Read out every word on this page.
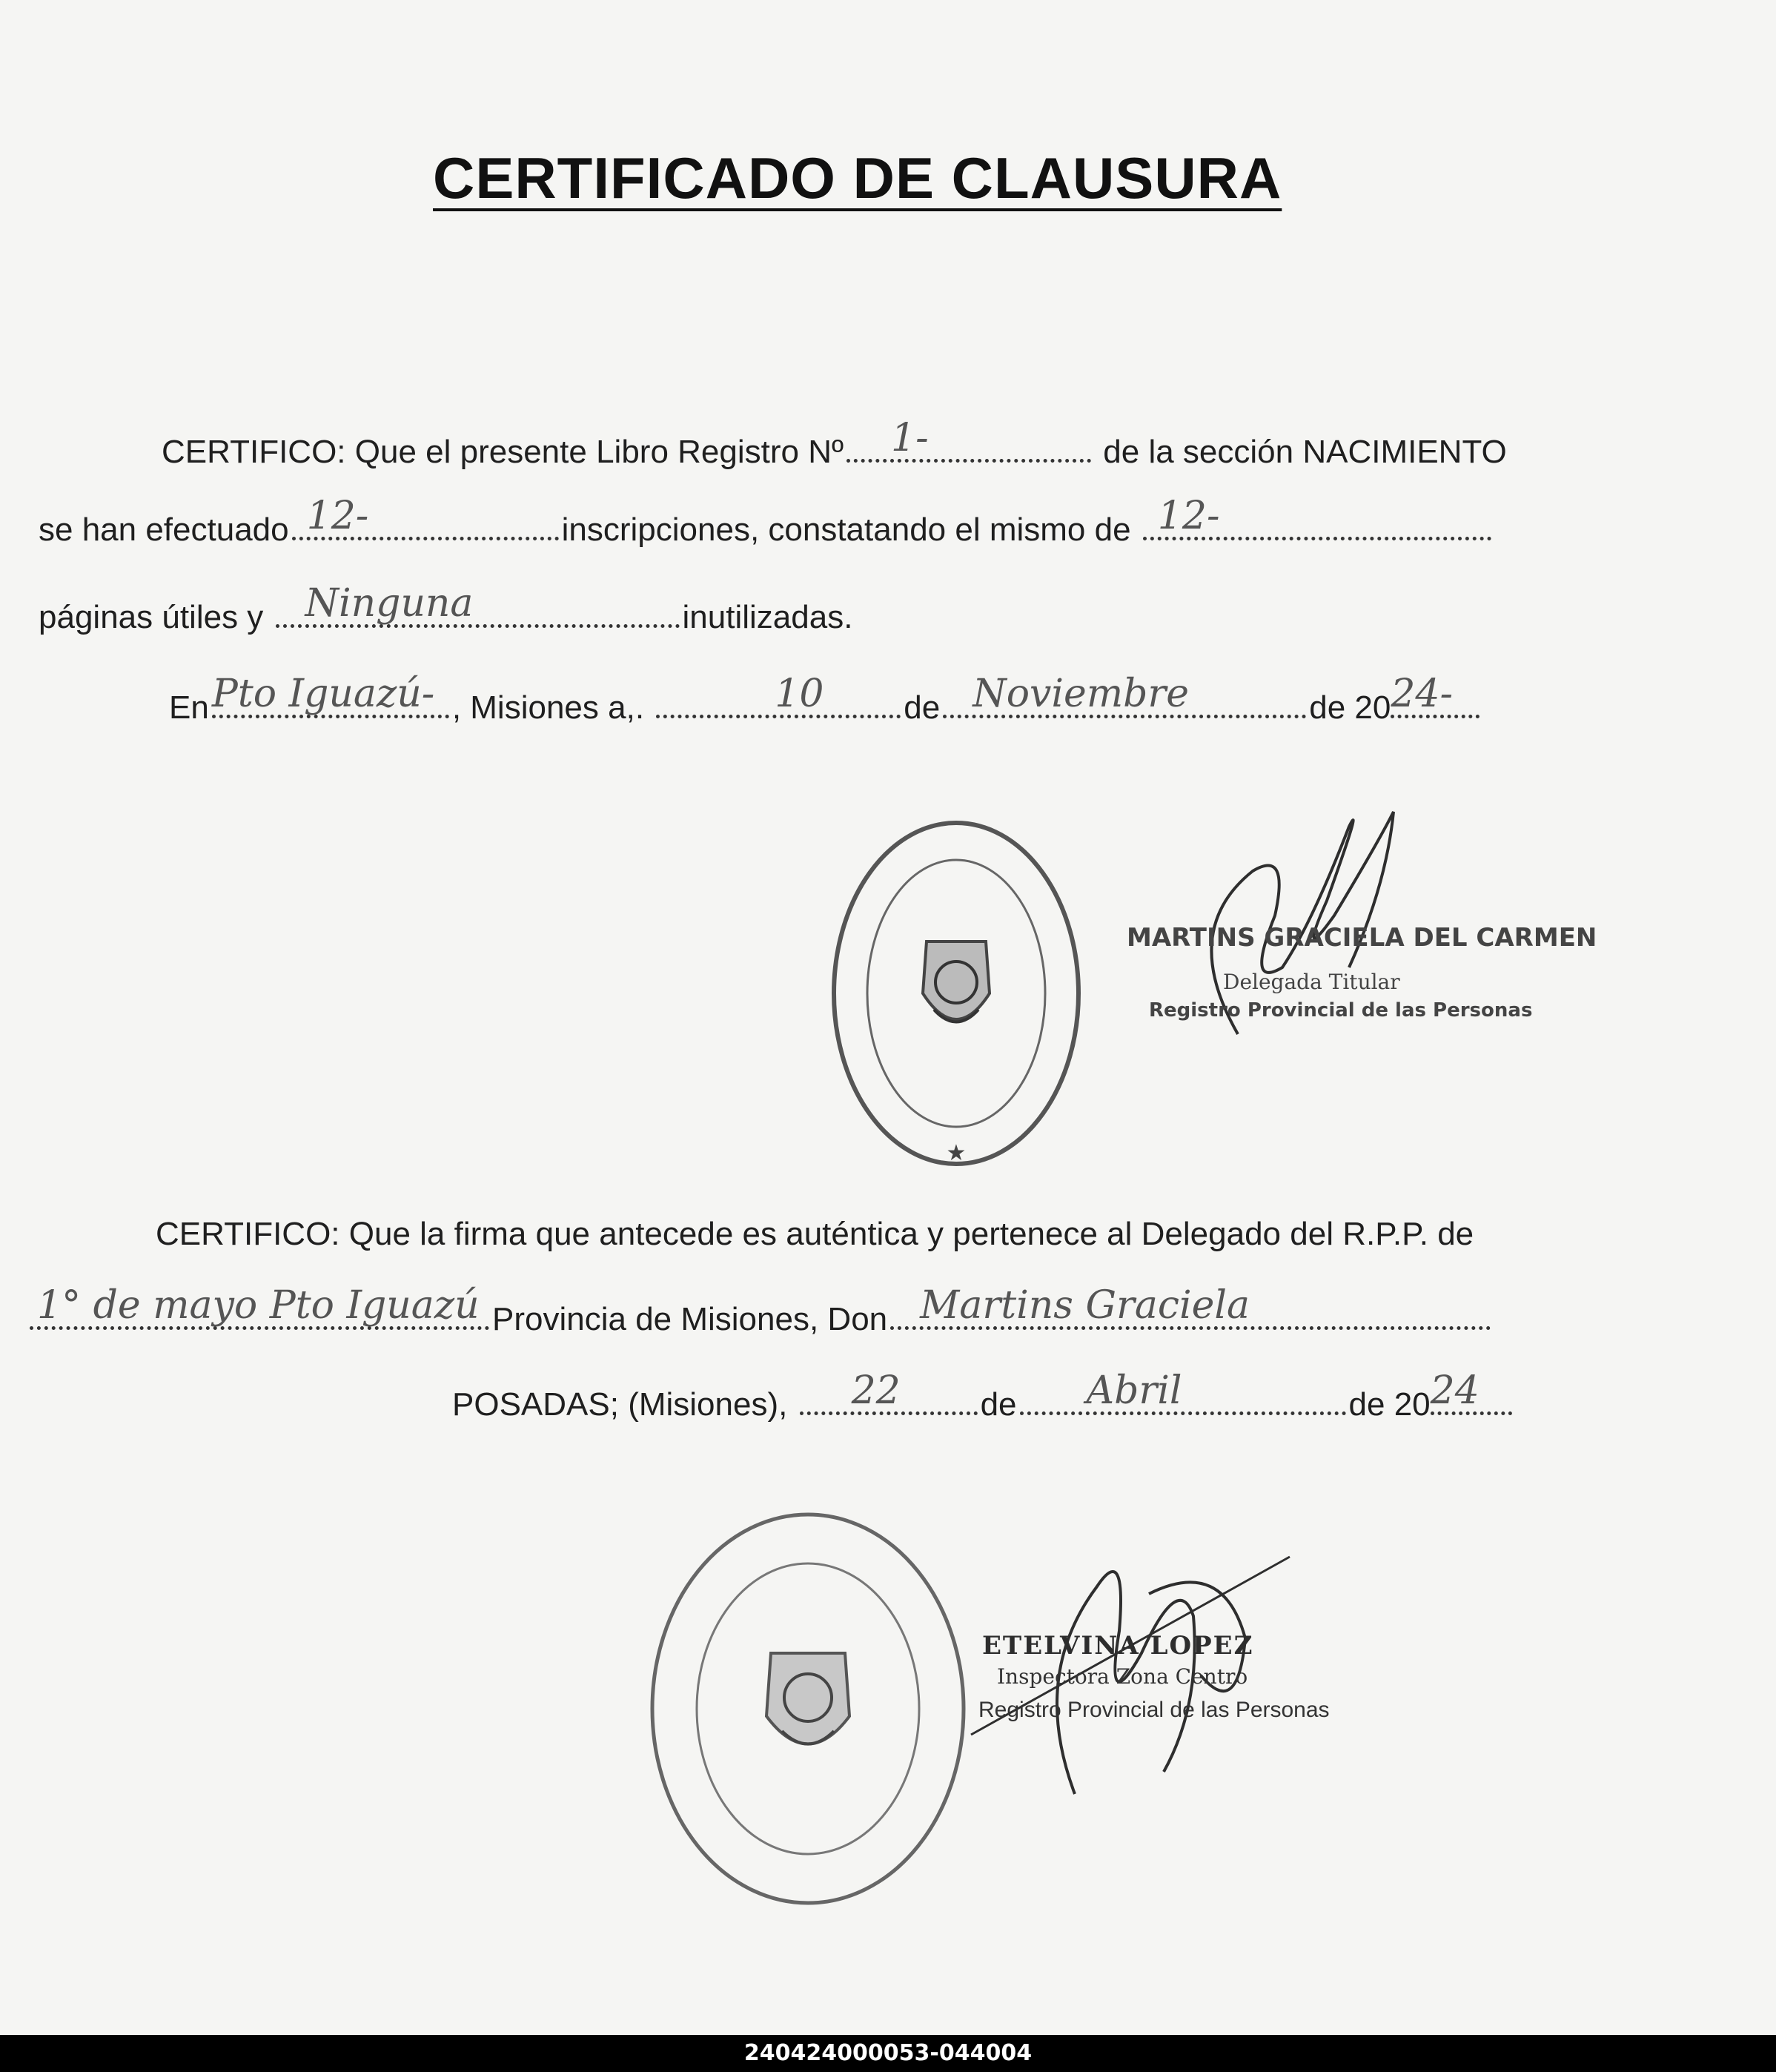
CERTIFICADO DE CLAUSURA
CERTIFICO: Que el presente Libro Registro Nº 1-	de la sección NACIMIENTO
se han efectuado 12-	inscripciones, constatando el mismo de 12-
páginas útiles y Ninguna	inutilizadas.
En Pto Iguazú- , Misiones a,.	10 de Noviembre	de 20 24-
★
MARTINS GRACIELA DEL CARMEN
Delegada Titular
Registro Provincial de las Personas
CERTIFICO: Que la firma que antecede es auténtica y pertenece al Delegado del R.P.P. de
1° de mayo Pto Iguazú Provincia de Misiones, Don Martins Graciela
POSADAS; (Misiones), 22 de Abril	de 20 24
ETELVINA LOPEZ
Inspectora Zona Centro
Registro Provincial de las Personas
240424000053-044004
